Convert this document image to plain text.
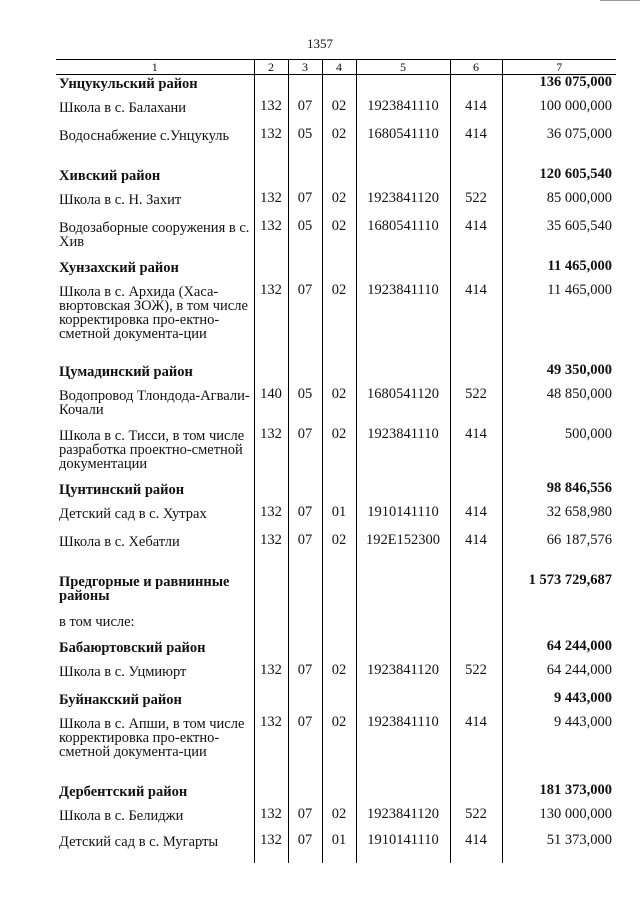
1357
1	2	3	4	5	6	7
Унцукульский район						136 075,000
Школа в с. Балахани	132	07	02	1923841110	414	100 000,000
Водоснабжение с.Унцукуль	132	05	02	1680541110	414	36 075,000
Хивский район						120 605,540
Школа в с. Н. Захит	132	07	02	1923841120	522	85 000,000
Водозаборные сооружения в с. Хив	132	05	02	1680541110	414	35 605,540
Хунзахский район						11 465,000
Школа в с. Архида (Хаса-вюртовская ЗОЖ), в том числе корректировка про-ектно-сметной документа-ции	132	07	02	1923841110	414	11 465,000
Цумадинский район						49 350,000
Водопровод Тлондода-Агвали-Кочали	140	05	02	1680541120	522	48 850,000
Школа в с. Тисси, в том числе разработка проектно-сметной документации	132	07	02	1923841110	414	500,000
Цунтинский район						98 846,556
Детский сад в с. Хутрах	132	07	01	1910141110	414	32 658,980
Школа в с. Хебатли	132	07	02	192E152300	414	66 187,576
Предгорные и равнинные районы						1 573 729,687
в том числе:						
Бабаюртовский район						64 244,000
Школа в с. Уцмиюрт	132	07	02	1923841120	522	64 244,000
Буйнакский район						9 443,000
Школа в с. Апши, в том числе корректировка про-ектно-сметной документа-ции	132	07	02	1923841110	414	9 443,000
Дербентский район						181 373,000
Школа в с. Белиджи	132	07	02	1923841120	522	130 000,000
Детский сад в с. Мугарты	132	07	01	1910141110	414	51 373,000
